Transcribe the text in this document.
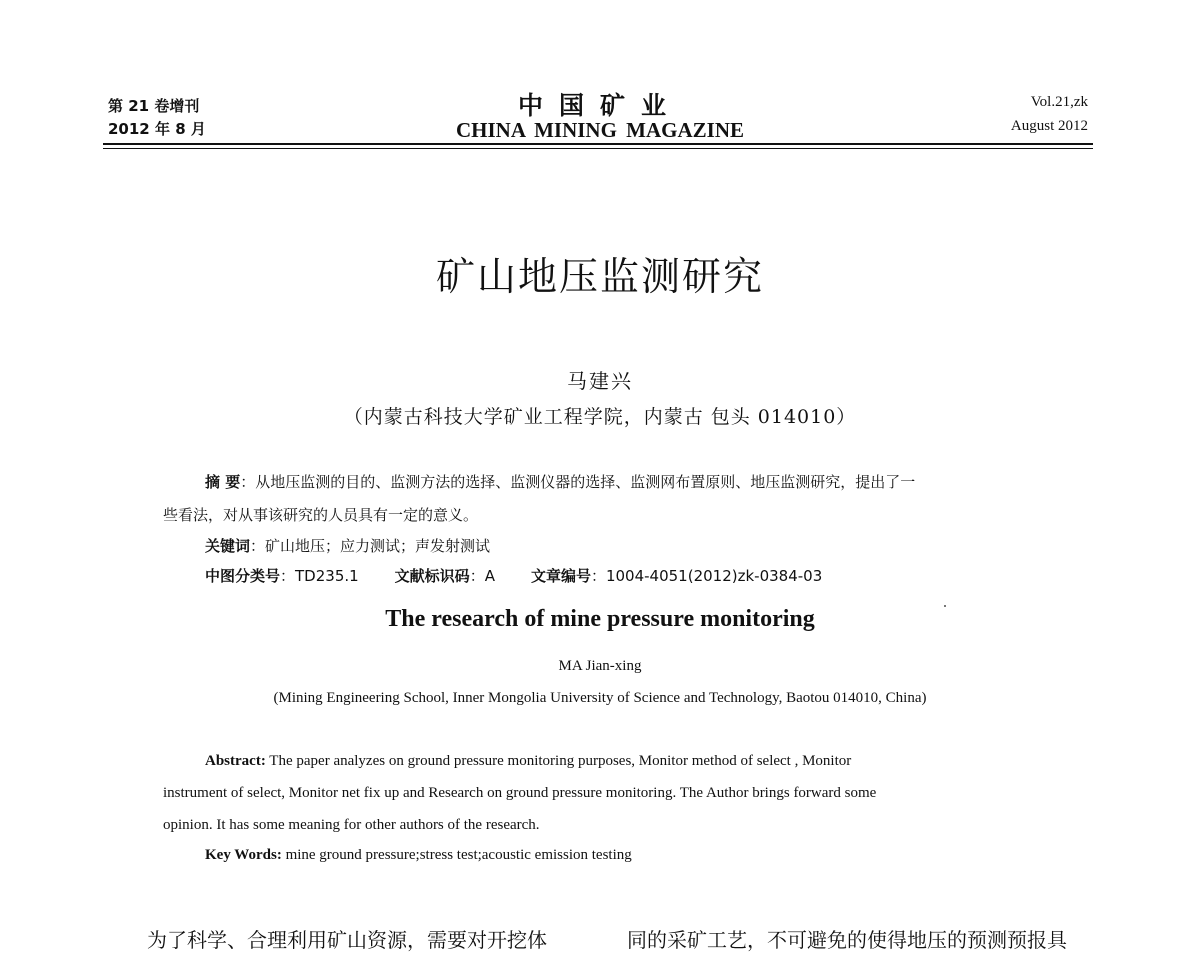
第 21 卷增刊
2012 年 8 月
中国矿业
CHINA MINING MAGAZINE
Vol.21,zk
August 2012
矿山地压监测研究
马建兴
（内蒙古科技大学矿业工程学院，内蒙古 包头 014010）
摘 要：从地压监测的目的、监测方法的选择、监测仪器的选择、监测网布置原则、地压监测研究，提出了一
些看法，对从事该研究的人员具有一定的意义。
关键词：矿山地压；应力测试；声发射测试
中图分类号：TD235.1 文献标识码：A 文章编号：1004-4051(2012)zk-0384-03
The research of mine pressure monitoring
MA Jian-xing
(Mining Engineering School, Inner Mongolia University of Science and Technology, Baotou 014010, China)
Abstract: The paper analyzes on ground pressure monitoring purposes, Monitor method of select , Monitor
instrument of select, Monitor net fix up and Research on ground pressure monitoring. The Author brings forward some
opinion. It has some meaning for other authors of the research.
Key Words: mine ground pressure;stress test;acoustic emission testing
为了科学、合理利用矿山资源，需要对开挖体	同的采矿工艺，不可避免的使得地压的预测预报具
